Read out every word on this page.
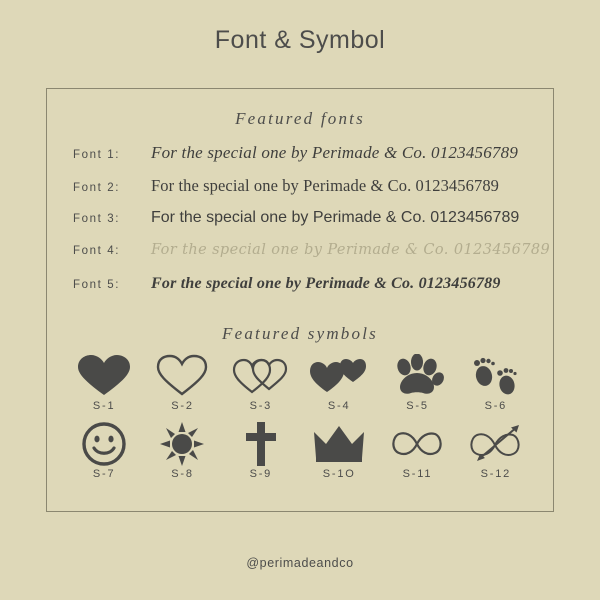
Font & Symbol
Featured fonts
Font 1:	For the special one by Perimade & Co. 0123456789
Font 2:	For the special one by Perimade & Co. 0123456789
Font 3:	For the special one by Perimade & Co. 0123456789
Font 4:	For the special one by Perimade & Co. 0123456789
Font 5:	For the special one by Perimade & Co. 0123456789
Featured symbols
S-1	S-2	S-3	S-4	S-5	S-6
S-7	S-8	S-9	S-1O	S-11	S-12
@perimadeandco
